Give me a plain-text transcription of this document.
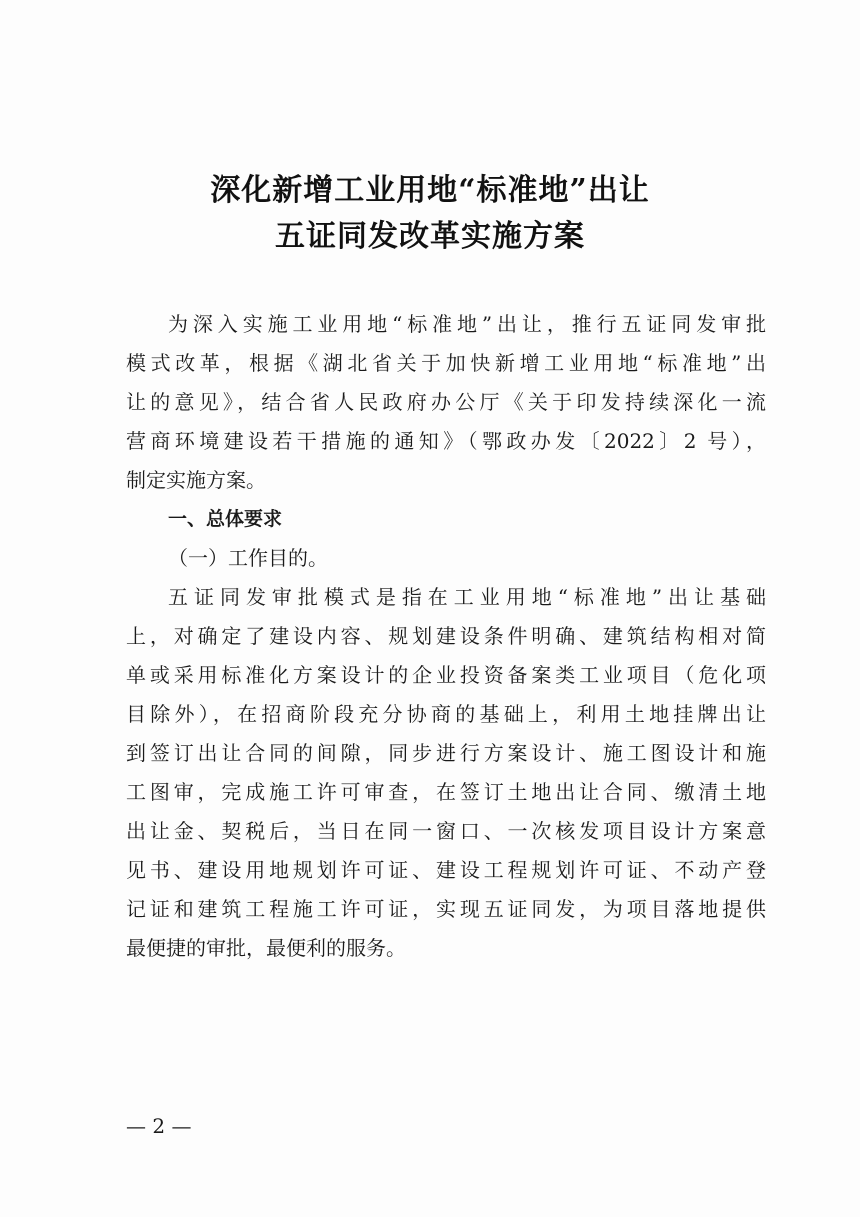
深化新增工业用地“标准地”出让
五证同发改革实施方案
为深入实施工业用地“标准地”出让，推行五证同发审批
模式改革，根据《湖北省关于加快新增工业用地“标准地”出
让的意见》，结合省人民政府办公厅《关于印发持续深化一流
营商环境建设若干措施的通知》（鄂政办发〔2022〕2 号），
制定实施方案。
一、总体要求
（一）工作目的。
五证同发审批模式是指在工业用地“标准地”出让基础
上，对确定了建设内容、规划建设条件明确、建筑结构相对简
单或采用标准化方案设计的企业投资备案类工业项目（危化项
目除外），在招商阶段充分协商的基础上，利用土地挂牌出让
到签订出让合同的间隙，同步进行方案设计、施工图设计和施
工图审，完成施工许可审查，在签订土地出让合同、缴清土地
出让金、契税后，当日在同一窗口、一次核发项目设计方案意
见书、建设用地规划许可证、建设工程规划许可证、不动产登
记证和建筑工程施工许可证，实现五证同发，为项目落地提供
最便捷的审批，最便利的服务。
— 2 —
